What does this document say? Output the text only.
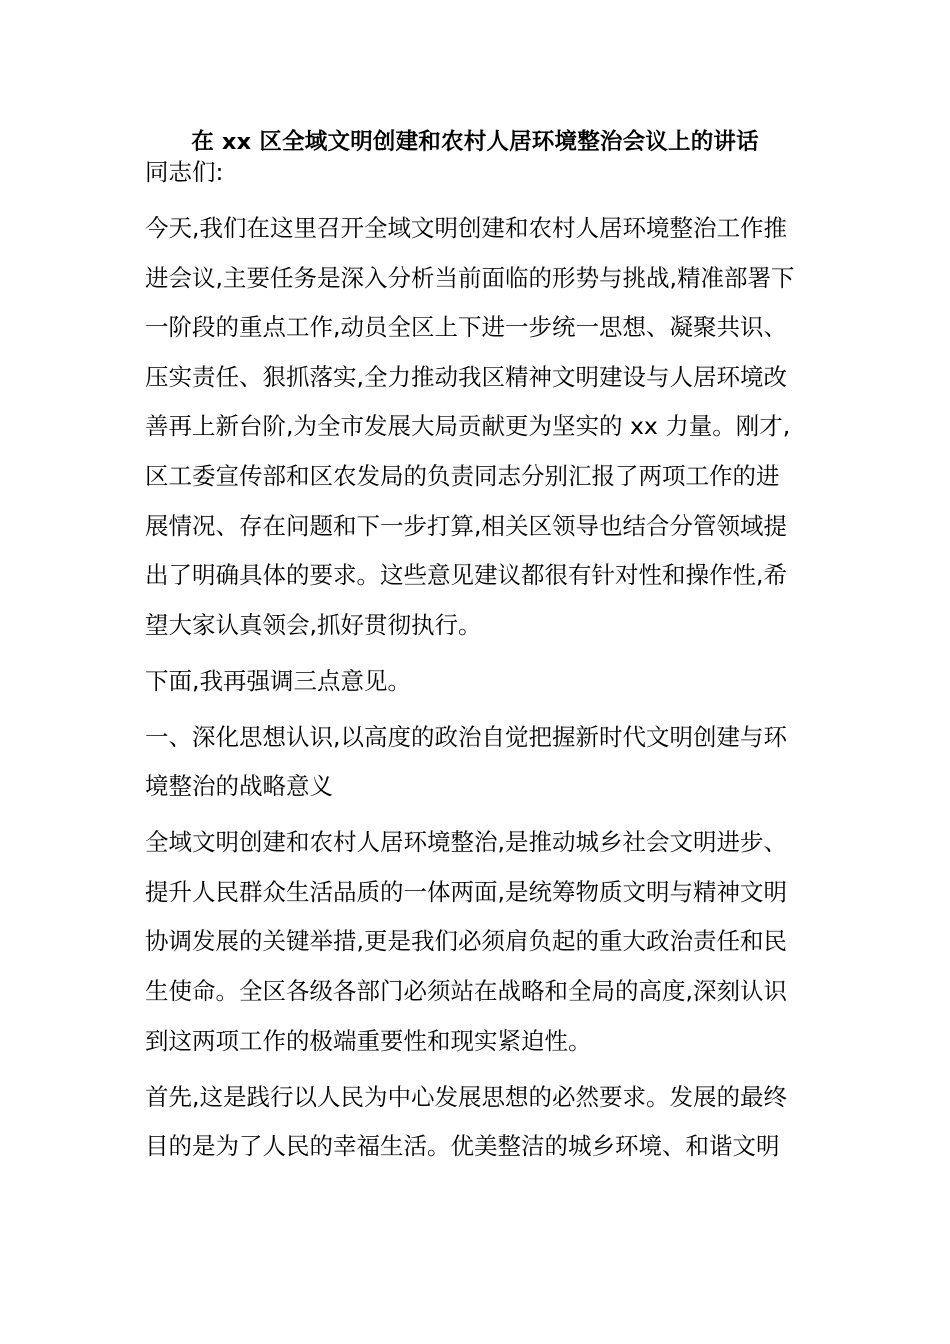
在 xx 区全域文明创建和农村人居环境整治会议上的讲话

同志们:

今天,我们在这里召开全域文明创建和农村人居环境整治工作推
进会议,主要任务是深入分析当前面临的形势与挑战,精准部署下
一阶段的重点工作,动员全区上下进一步统一思想、凝聚共识、
压实责任、狠抓落实,全力推动我区精神文明建设与人居环境改
善再上新台阶,为全市发展大局贡献更为坚实的 xx 力量。刚才,
区工委宣传部和区农发局的负责同志分别汇报了两项工作的进
展情况、存在问题和下一步打算,相关区领导也结合分管领域提
出了明确具体的要求。这些意见建议都很有针对性和操作性,希
望大家认真领会,抓好贯彻执行。

下面,我再强调三点意见。

一、深化思想认识,以高度的政治自觉把握新时代文明创建与环
境整治的战略意义

全域文明创建和农村人居环境整治,是推动城乡社会文明进步、
提升人民群众生活品质的一体两面,是统筹物质文明与精神文明
协调发展的关键举措,更是我们必须肩负起的重大政治责任和民
生使命。全区各级各部门必须站在战略和全局的高度,深刻认识
到这两项工作的极端重要性和现实紧迫性。

首先,这是践行以人民为中心发展思想的必然要求。发展的最终
目的是为了人民的幸福生活。优美整洁的城乡环境、和谐文明
